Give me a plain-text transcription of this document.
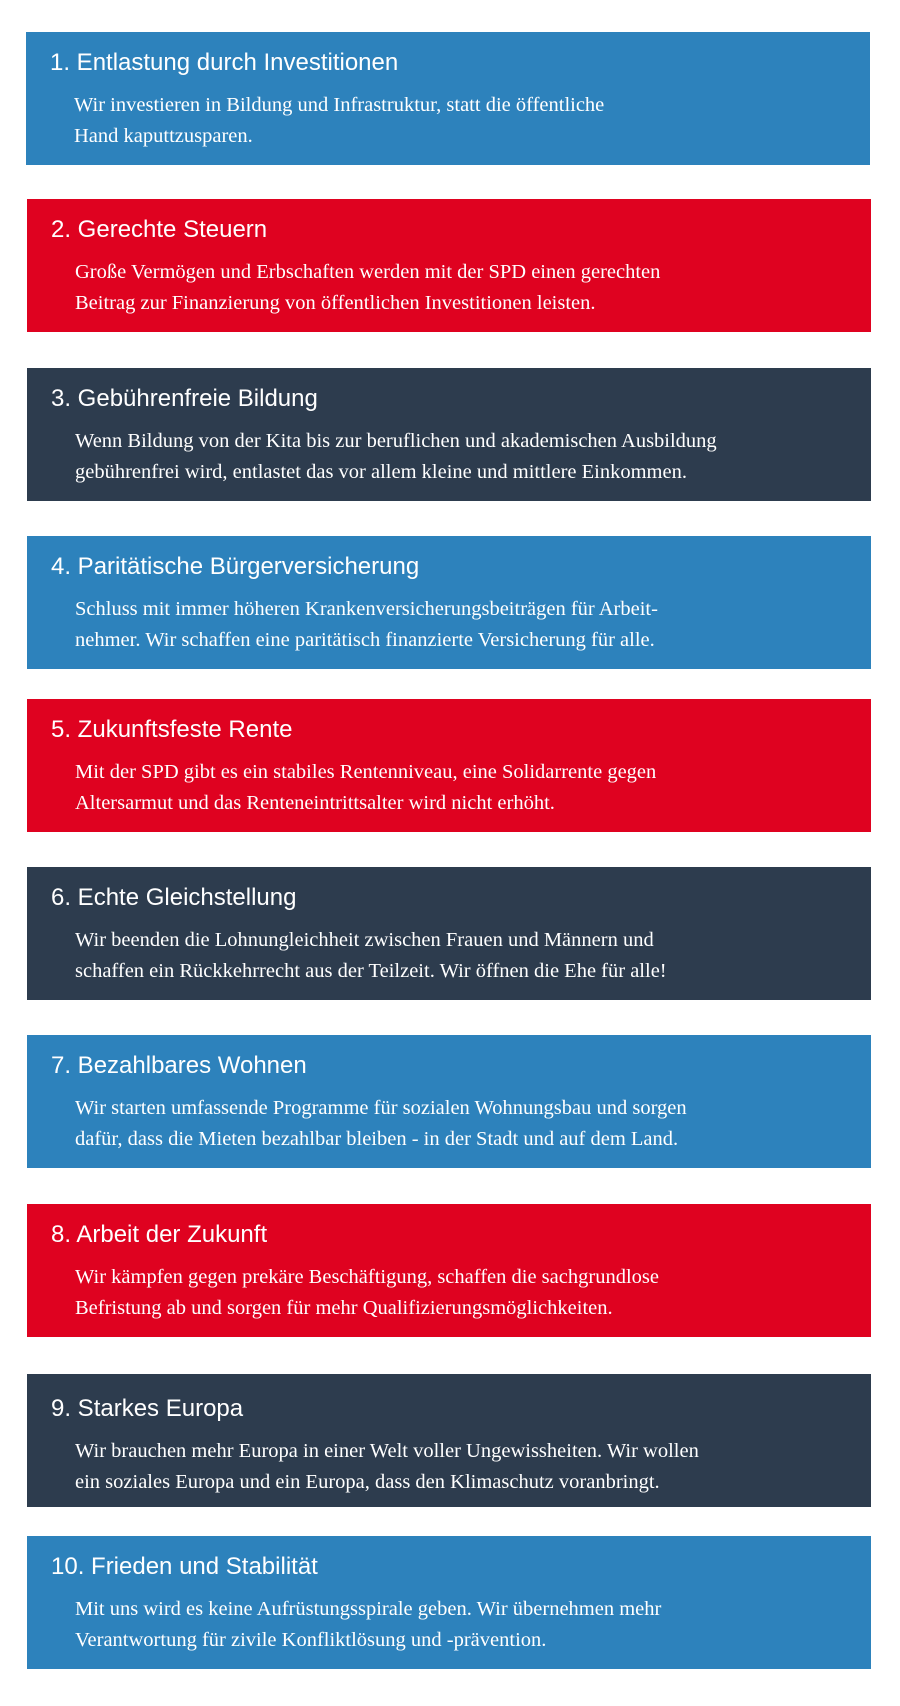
1. Entlastung durch Investitionen
Wir investieren in Bildung und Infrastruktur, statt die öffentliche
Hand kaputtzusparen.
2. Gerechte Steuern
Große Vermögen und Erbschaften werden mit der SPD einen gerechten
Beitrag zur Finanzierung von öffentlichen Investitionen leisten.
3. Gebührenfreie Bildung
Wenn Bildung von der Kita bis zur beruflichen und akademischen Ausbildung
gebührenfrei wird, entlastet das vor allem kleine und mittlere Einkommen.
4. Paritätische Bürgerversicherung
Schluss mit immer höheren Krankenversicherungsbeiträgen für Arbeit-
nehmer. Wir schaffen eine paritätisch finanzierte Versicherung für alle.
5. Zukunftsfeste Rente
Mit der SPD gibt es ein stabiles Rentenniveau, eine Solidarrente gegen
Altersarmut und das Renteneintrittsalter wird nicht erhöht.
6. Echte Gleichstellung
Wir beenden die Lohnungleichheit zwischen Frauen und Männern und
schaffen ein Rückkehrrecht aus der Teilzeit. Wir öffnen die Ehe für alle!
7. Bezahlbares Wohnen
Wir starten umfassende Programme für sozialen Wohnungsbau und sorgen
dafür, dass die Mieten bezahlbar bleiben - in der Stadt und auf dem Land.
8. Arbeit der Zukunft
Wir kämpfen gegen prekäre Beschäftigung, schaffen die sachgrundlose
Befristung ab und sorgen für mehr Qualifizierungsmöglichkeiten.
9. Starkes Europa
Wir brauchen mehr Europa in einer Welt voller Ungewissheiten. Wir wollen
ein soziales Europa und ein Europa, dass den Klimaschutz voranbringt.
10. Frieden und Stabilität
Mit uns wird es keine Aufrüstungsspirale geben. Wir übernehmen mehr
Verantwortung für zivile Konfliktlösung und -prävention.
